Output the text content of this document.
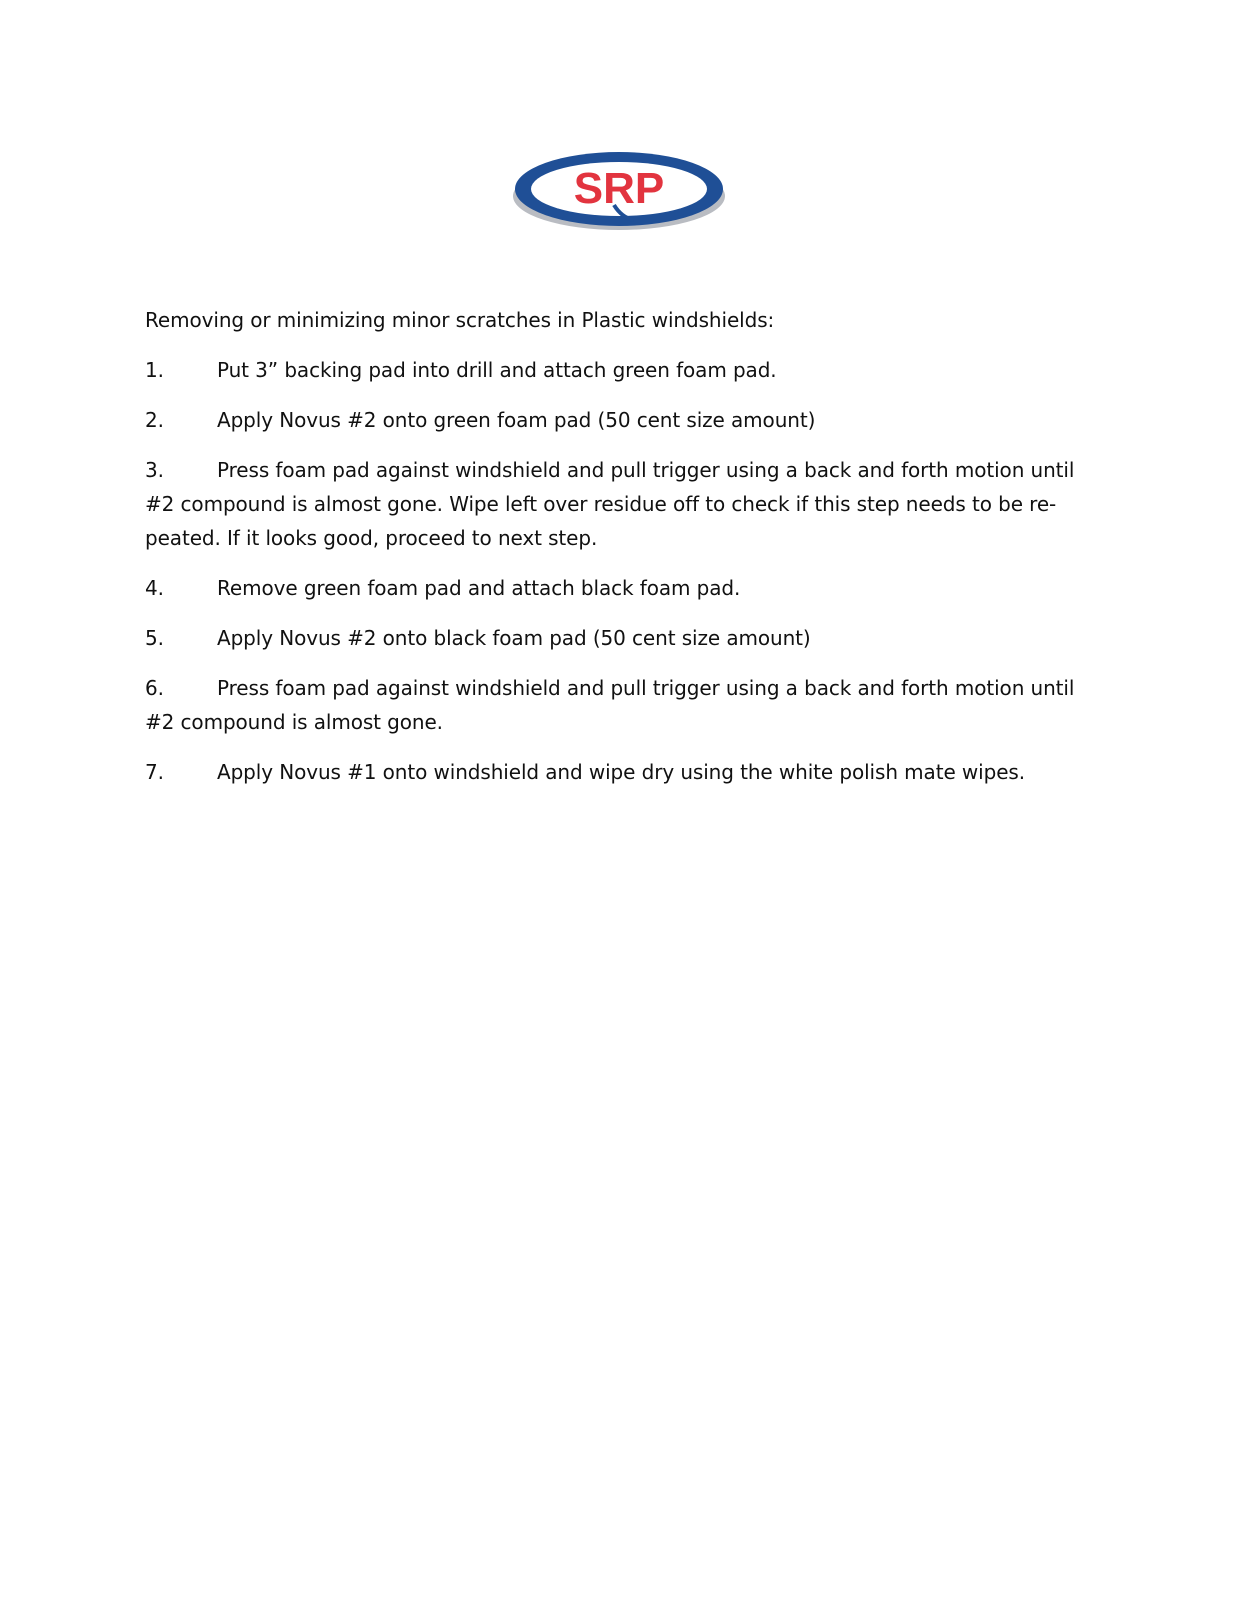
SRP

Removing or minimizing minor scratches in Plastic windshields:

1.	Put 3” backing pad into drill and attach green foam pad.

2.	Apply Novus #2 onto green foam pad (50 cent size amount)

3.	Press foam pad against windshield and pull trigger using a back and forth motion until #2 compound is almost gone. Wipe left over residue off to check if this step needs to be re-peated. If it looks good, proceed to next step.

4.	Remove green foam pad and attach black foam pad.

5.	Apply Novus #2 onto black foam pad (50 cent size amount)

6.	Press foam pad against windshield and pull trigger using a back and forth motion until #2 compound is almost gone.

7.	Apply Novus #1 onto windshield and wipe dry using the white polish mate wipes.
